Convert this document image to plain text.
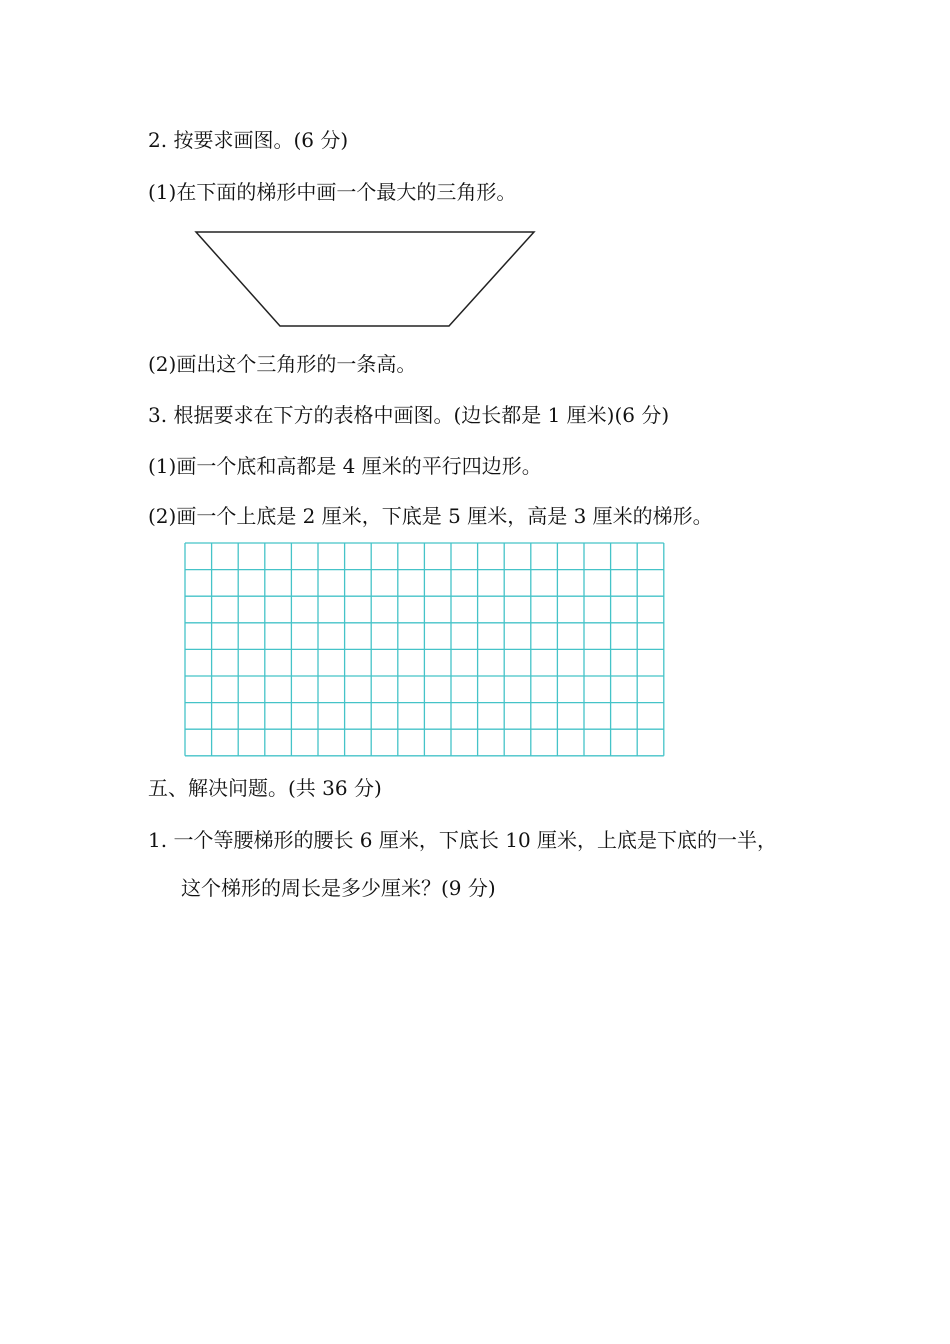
2. 按要求画图。(6 分)
(1)在下面的梯形中画一个最大的三角形。
(2)画出这个三角形的一条高。
3. 根据要求在下方的表格中画图。(边长都是 1 厘米)(6 分)
(1)画一个底和高都是 4 厘米的平行四边形。
(2)画一个上底是 2 厘米，下底是 5 厘米，高是 3 厘米的梯形。
五、解决问题。(共 36 分)
1. 一个等腰梯形的腰长 6 厘米，下底长 10 厘米，上底是下底的一半，
这个梯形的周长是多少厘米？(9 分)
